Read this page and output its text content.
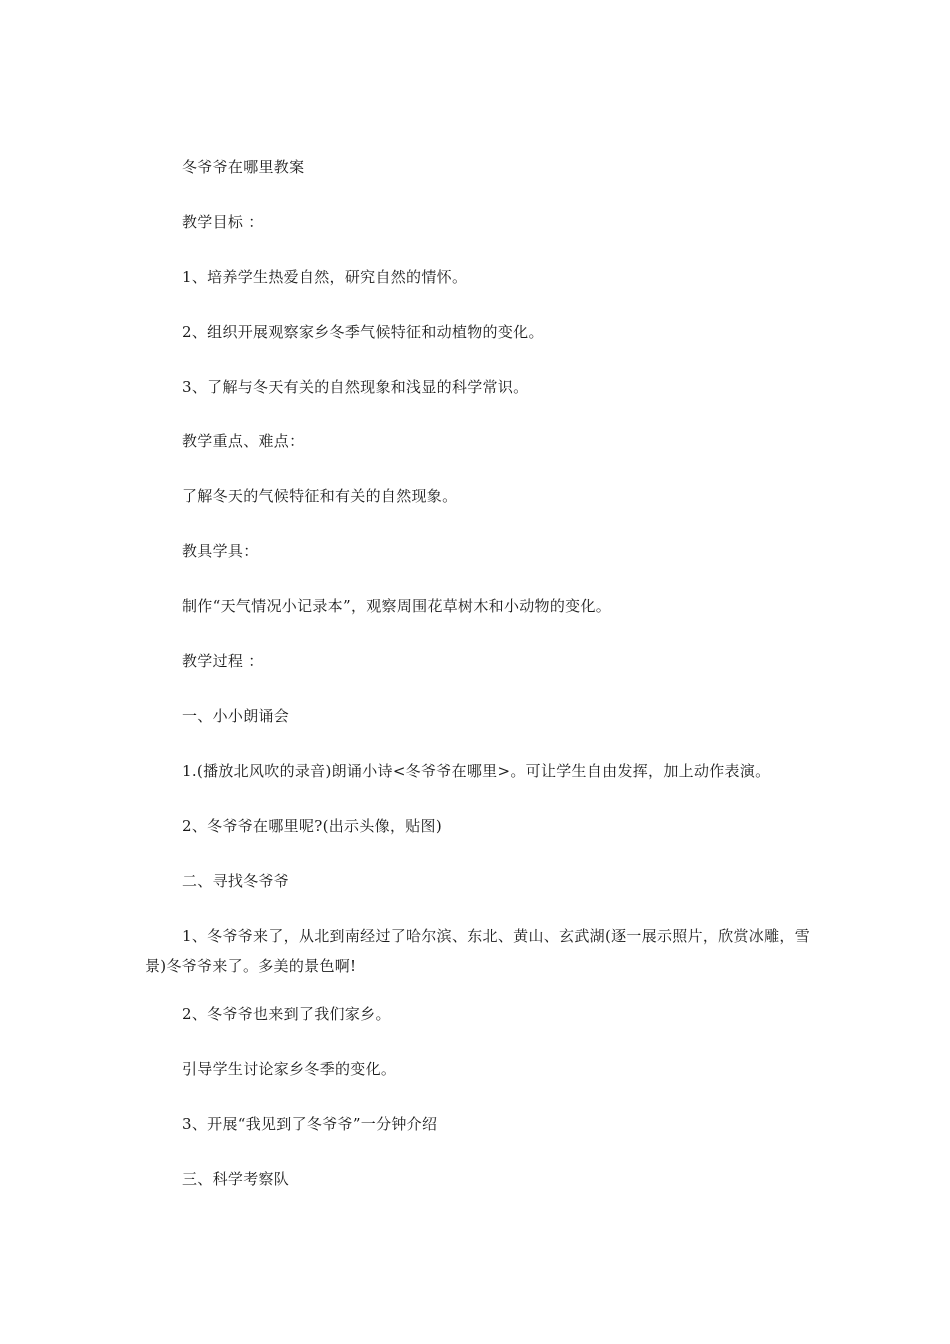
冬爷爷在哪里教案
教学目标 ：
1、培养学生热爱自然，研究自然的情怀。
2、组织开展观察家乡冬季气候特征和动植物的变化。
3、了解与冬天有关的自然现象和浅显的科学常识。
教学重点、难点：
了解冬天的气候特征和有关的自然现象。
教具学具：
制作“天气情况小记录本”，观察周围花草树木和小动物的变化。
教学过程 ：
一、小小朗诵会
1.(播放北风吹的录音)朗诵小诗<冬爷爷在哪里>。可让学生自由发挥，加上动作表演。
2、冬爷爷在哪里呢?(出示头像，贴图)
二、寻找冬爷爷
1、冬爷爷来了，从北到南经过了哈尔滨、东北、黄山、玄武湖(逐一展示照片，欣赏冰雕，雪景)冬爷爷来了。多美的景色啊!
2、冬爷爷也来到了我们家乡。
引导学生讨论家乡冬季的变化。
3、开展“我见到了冬爷爷”一分钟介绍
三、科学考察队
